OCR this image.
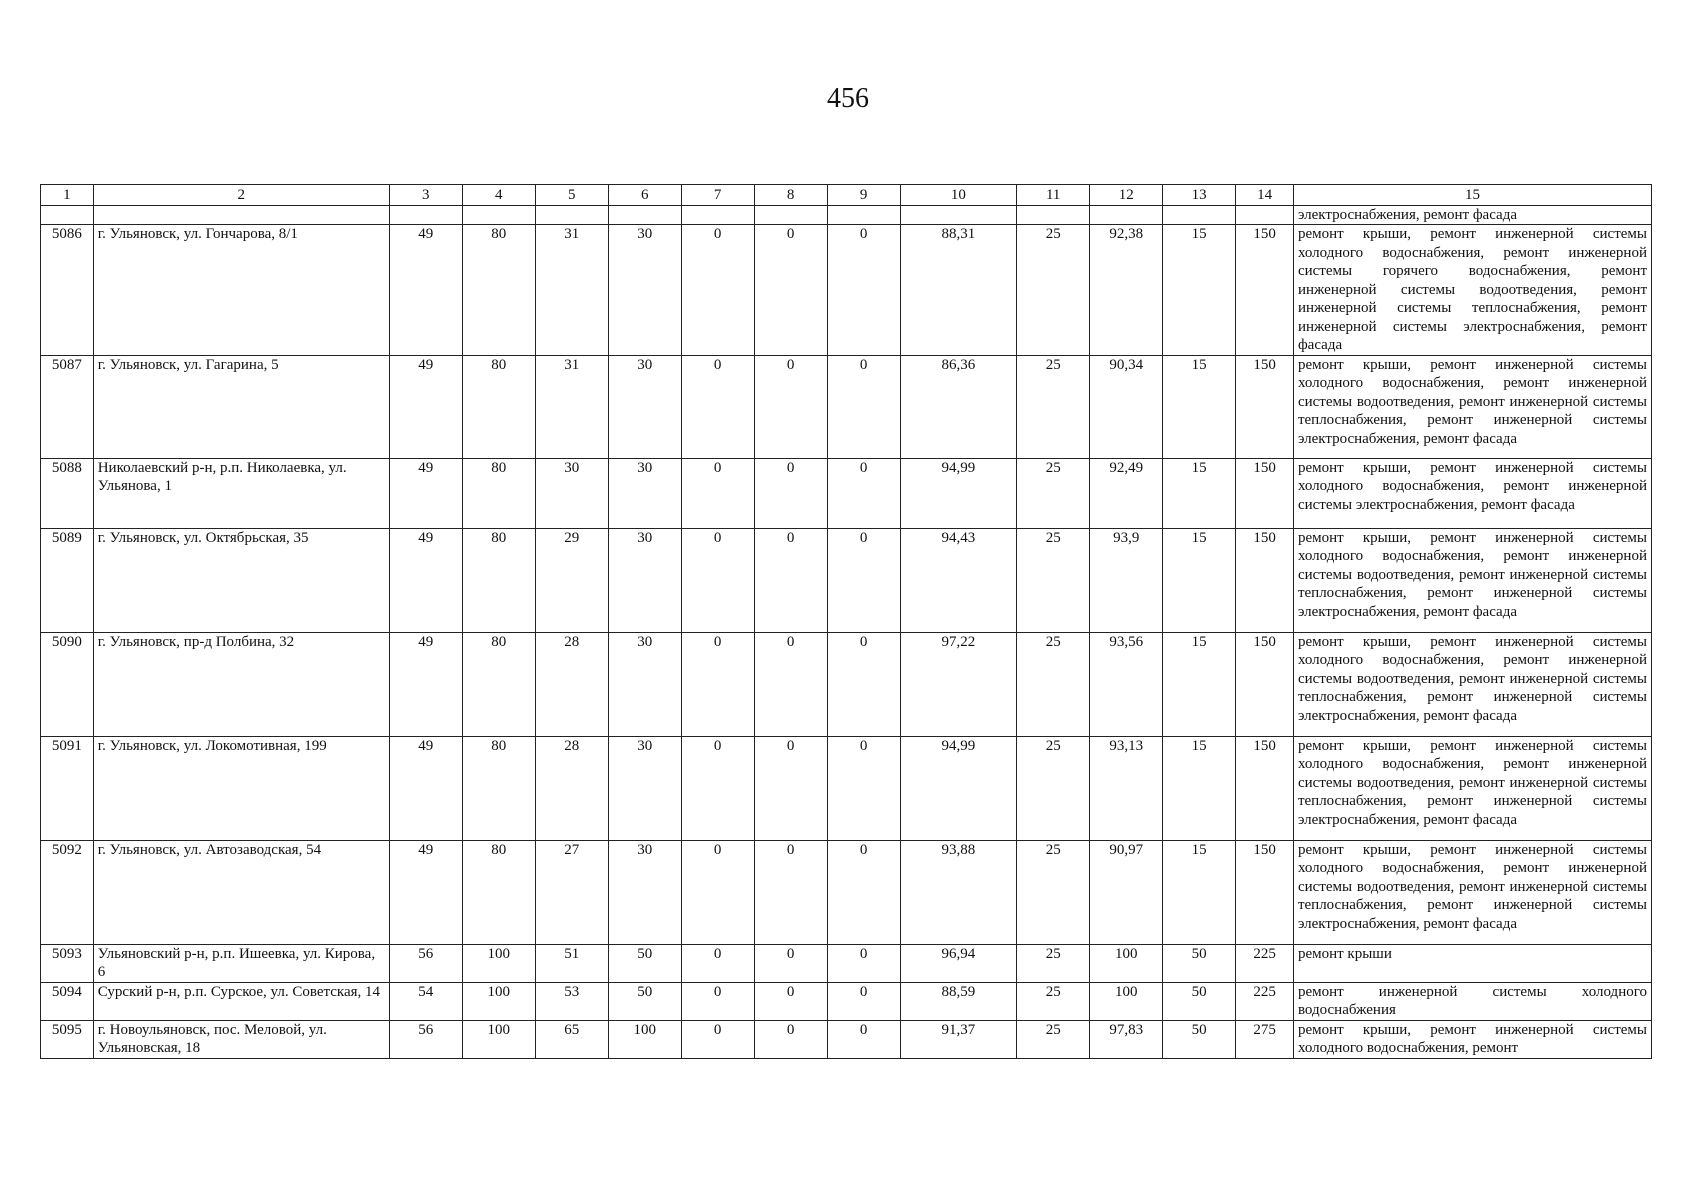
456
1	2	3	4	5	6	7	8	9	10	11	12	13	14	15
														электроснабжения, ремонт фасада
5086	г. Ульяновск, ул. Гончарова, 8/1	49	80	31	30	0	0	0	88,31	25	92,38	15	150	ремонт крыши, ремонт инженерной системы холодного водоснабжения, ремонт инженерной системы горячего водоснабжения, ремонт инженерной системы водоотведения, ремонт инженерной системы теплоснабжения, ремонт инженерной системы электроснабжения, ремонт фасада
5087	г. Ульяновск, ул. Гагарина, 5	49	80	31	30	0	0	0	86,36	25	90,34	15	150	ремонт крыши, ремонт инженерной системы холодного водоснабжения, ремонт инженерной системы водоотведения, ремонт инженерной системы теплоснабжения, ремонт инженерной системы электроснабжения, ремонт фасада
5088	Николаевский р-н, р.п. Николаевка, ул. Ульянова, 1	49	80	30	30	0	0	0	94,99	25	92,49	15	150	ремонт крыши, ремонт инженерной системы холодного водоснабжения, ремонт инженерной системы электроснабжения, ремонт фасада
5089	г. Ульяновск, ул. Октябрьская, 35	49	80	29	30	0	0	0	94,43	25	93,9	15	150	ремонт крыши, ремонт инженерной системы холодного водоснабжения, ремонт инженерной системы водоотведения, ремонт инженерной системы теплоснабжения, ремонт инженерной системы электроснабжения, ремонт фасада
5090	г. Ульяновск, пр-д Полбина, 32	49	80	28	30	0	0	0	97,22	25	93,56	15	150	ремонт крыши, ремонт инженерной системы холодного водоснабжения, ремонт инженерной системы водоотведения, ремонт инженерной системы теплоснабжения, ремонт инженерной системы электроснабжения, ремонт фасада
5091	г. Ульяновск, ул. Локомотивная, 199	49	80	28	30	0	0	0	94,99	25	93,13	15	150	ремонт крыши, ремонт инженерной системы холодного водоснабжения, ремонт инженерной системы водоотведения, ремонт инженерной системы теплоснабжения, ремонт инженерной системы электроснабжения, ремонт фасада
5092	г. Ульяновск, ул. Автозаводская, 54	49	80	27	30	0	0	0	93,88	25	90,97	15	150	ремонт крыши, ремонт инженерной системы холодного водоснабжения, ремонт инженерной системы водоотведения, ремонт инженерной системы теплоснабжения, ремонт инженерной системы электроснабжения, ремонт фасада
5093	Ульяновский р-н, р.п. Ишеевка, ул. Кирова, 6	56	100	51	50	0	0	0	96,94	25	100	50	225	ремонт крыши
5094	Сурский р-н, р.п. Сурское, ул. Советская, 14	54	100	53	50	0	0	0	88,59	25	100	50	225	ремонт инженерной системы холодного водоснабжения
5095	г. Новоульяновск, пос. Меловой, ул. Ульяновская, 18	56	100	65	100	0	0	0	91,37	25	97,83	50	275	ремонт крыши, ремонт инженерной системы холодного водоснабжения, ремонт
